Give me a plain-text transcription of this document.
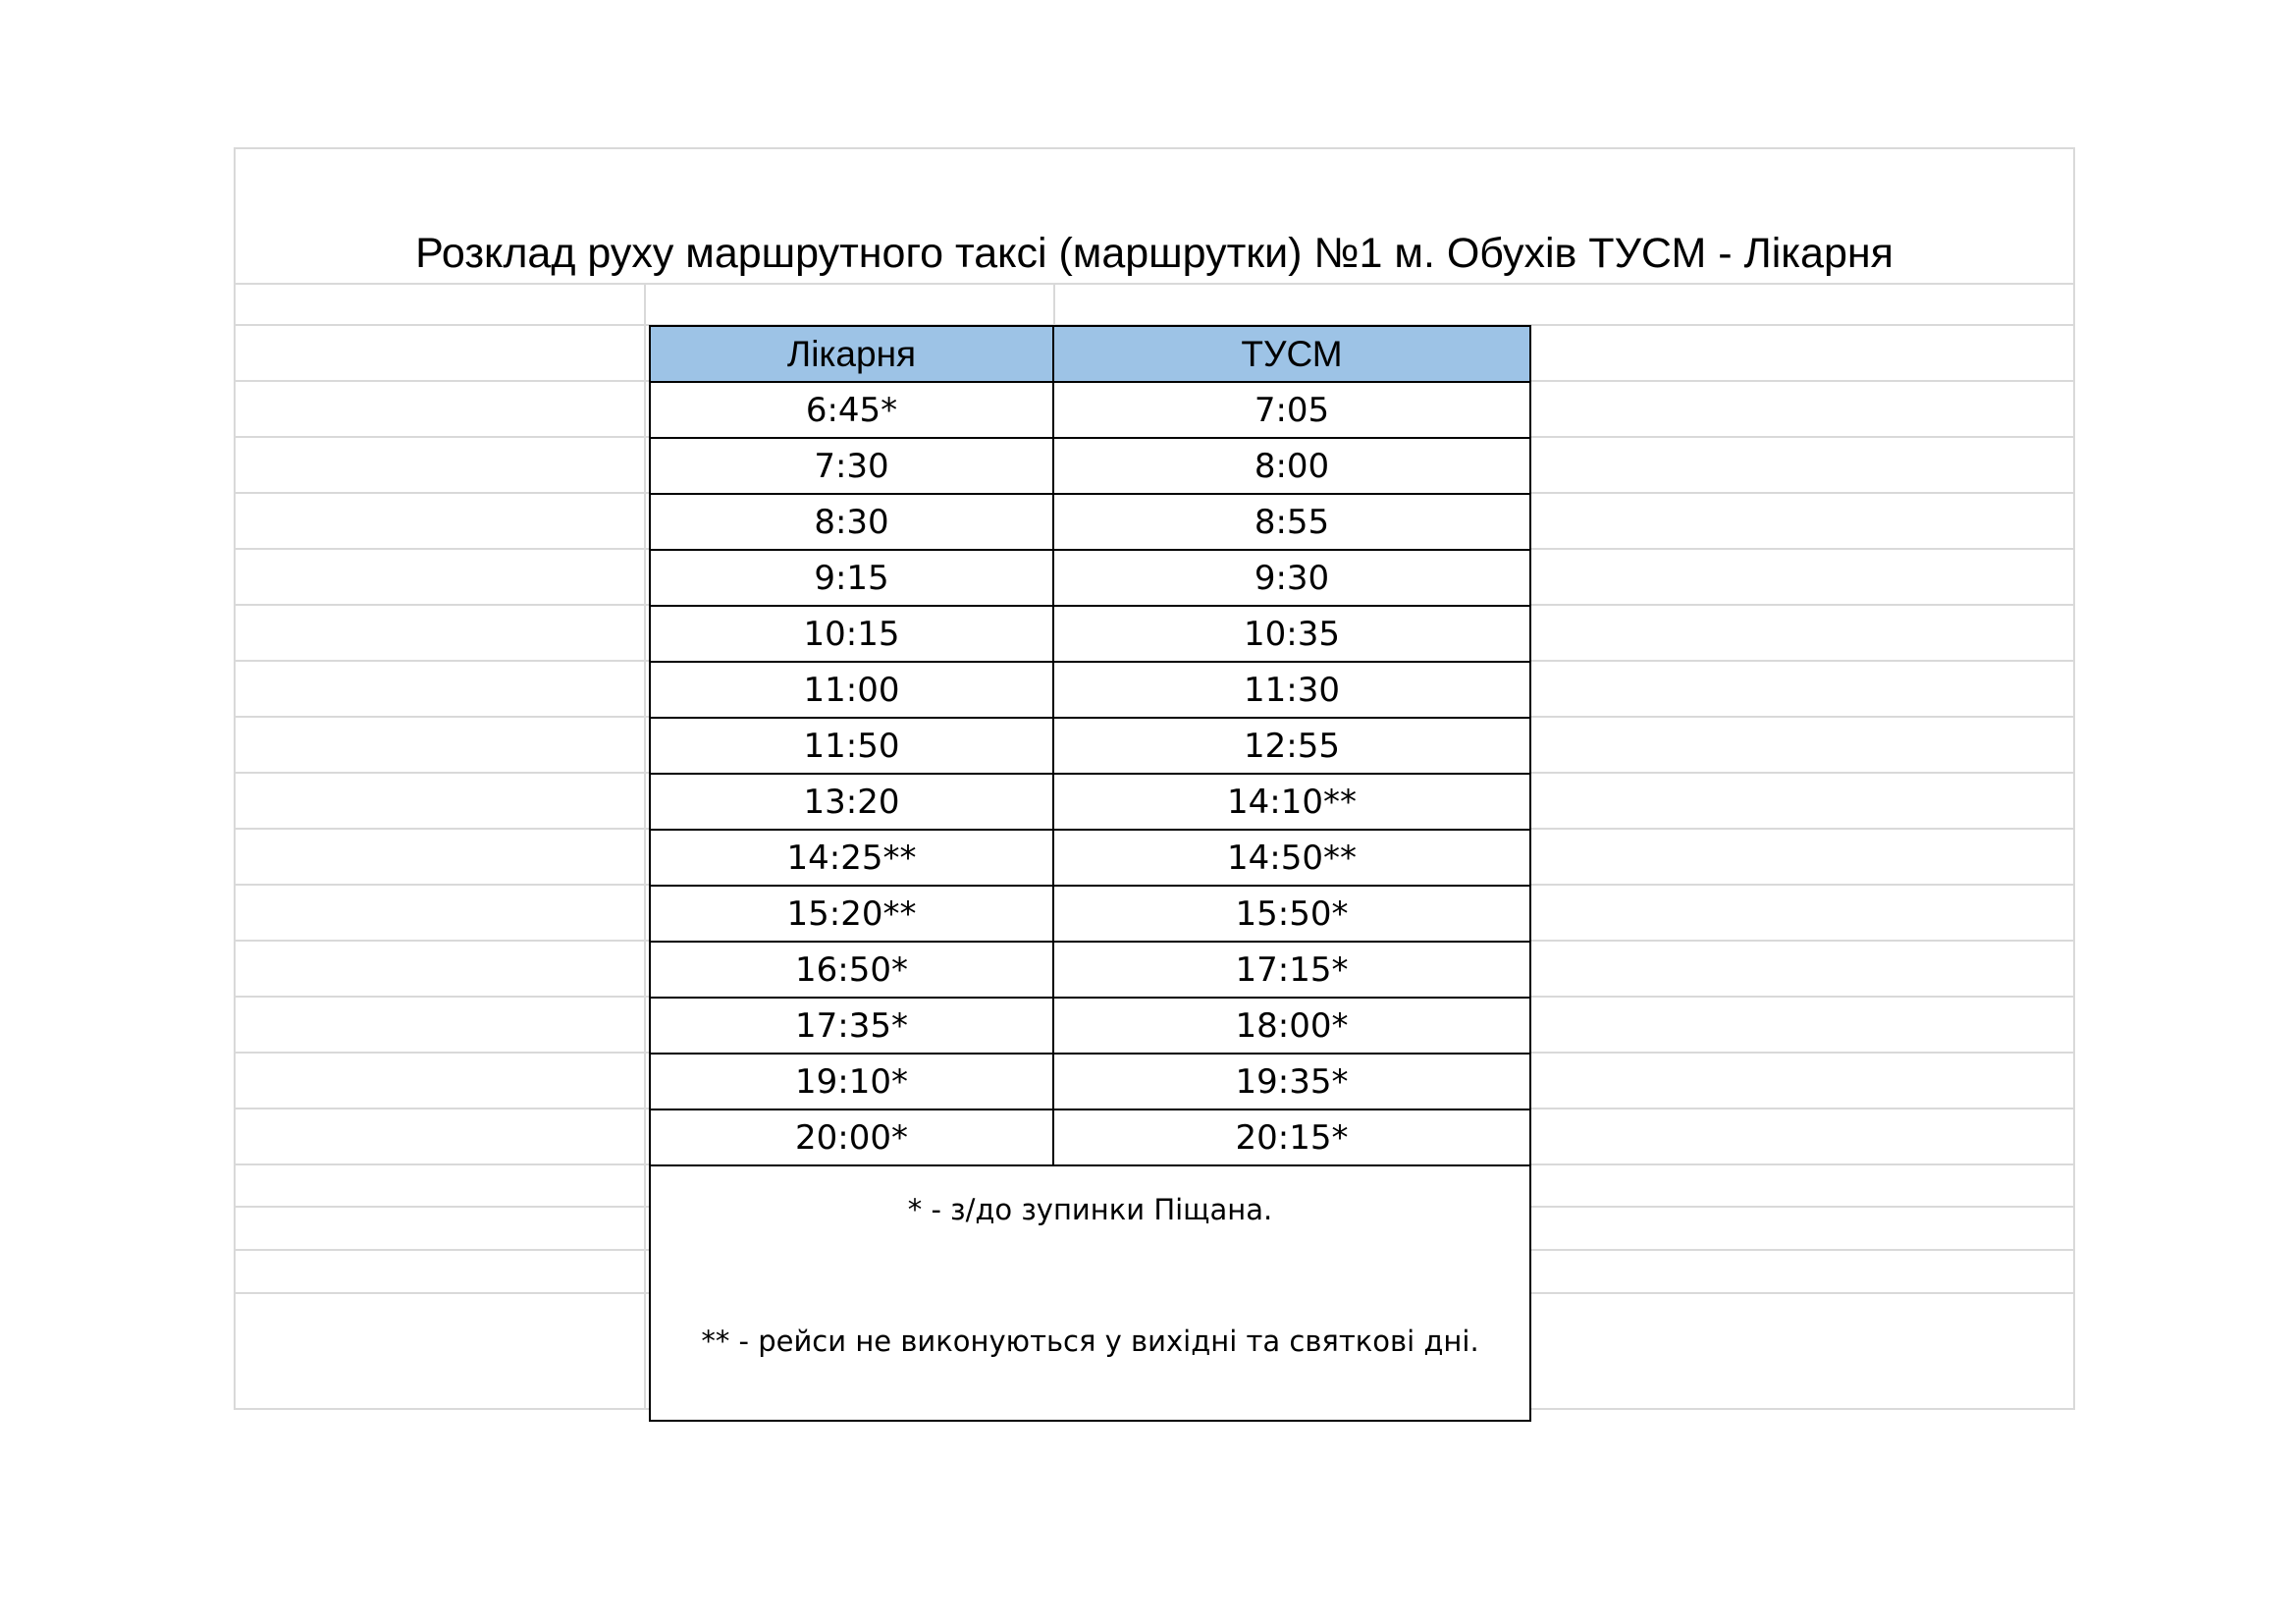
Розклад руху маршрутного таксі (маршрутки) №1 м. Обухів ТУСМ - Лікарня
Лікарня	ТУСМ
6:45*	7:05
7:30	8:00
8:30	8:55
9:15	9:30
10:15	10:35
11:00	11:30
11:50	12:55
13:20	14:10**
14:25**	14:50**
15:20**	15:50*
16:50*	17:15*
17:35*	18:00*
19:10*	19:35*
20:00*	20:15*
* - з/до зупинки Піщана.
** - рейси не виконуються у вихідні та святкові дні.
